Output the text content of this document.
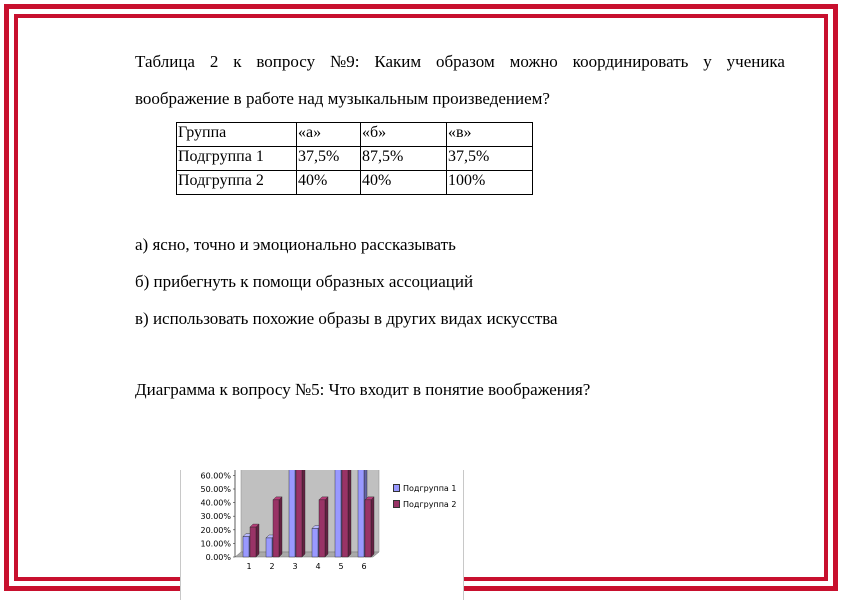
Таблица 2 к вопросу №9: Каким образом можно координировать у ученика
воображение в работе над музыкальным произведением?
Группа	«а»	«б»	«в»
Подгруппа 1	37,5%	87,5%	37,5%
Подгруппа 2	40%	40%	100%
а) ясно, точно и эмоционально рассказывать
б) прибегнуть к помощи образных ассоциаций
в) использовать похожие образы в других видах искусства
Диаграмма к вопросу №5: Что входит в понятие воображения?
0.00%
10.00%
20.00%
30.00%
40.00%
50.00%
60.00%
1 2 3 4 5 6
Подгруппа 1
Подгруппа 2
